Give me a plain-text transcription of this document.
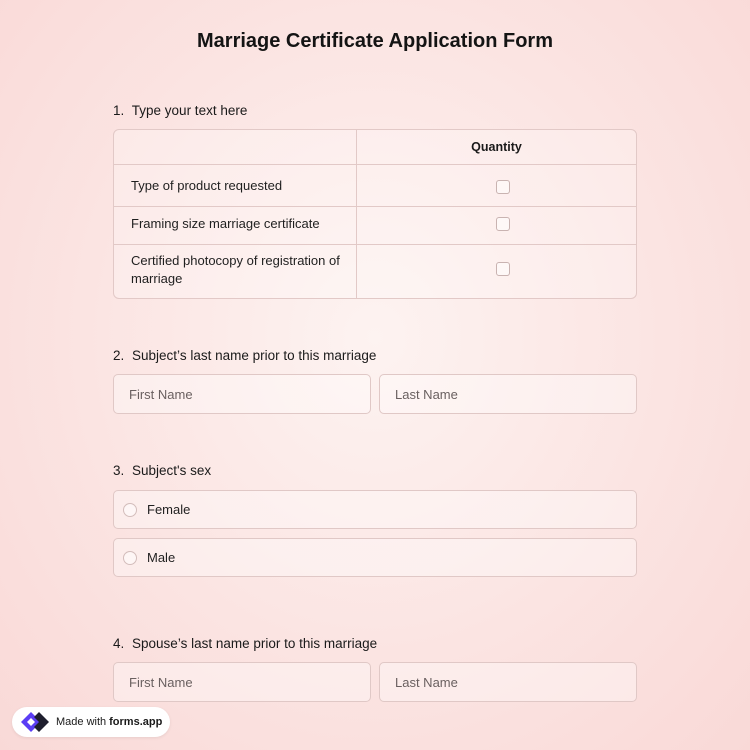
Marriage Certificate Application Form
1. Type your text here
Quantity
Type of product requested
Framing size marriage certificate
Certified photocopy of registration of marriage
2. Subject’s last name prior to this marriage
First Name	Last Name
3. Subject's sex
Female
Male
4. Spouse’s last name prior to this marriage
First Name	Last Name
Made with forms.app
